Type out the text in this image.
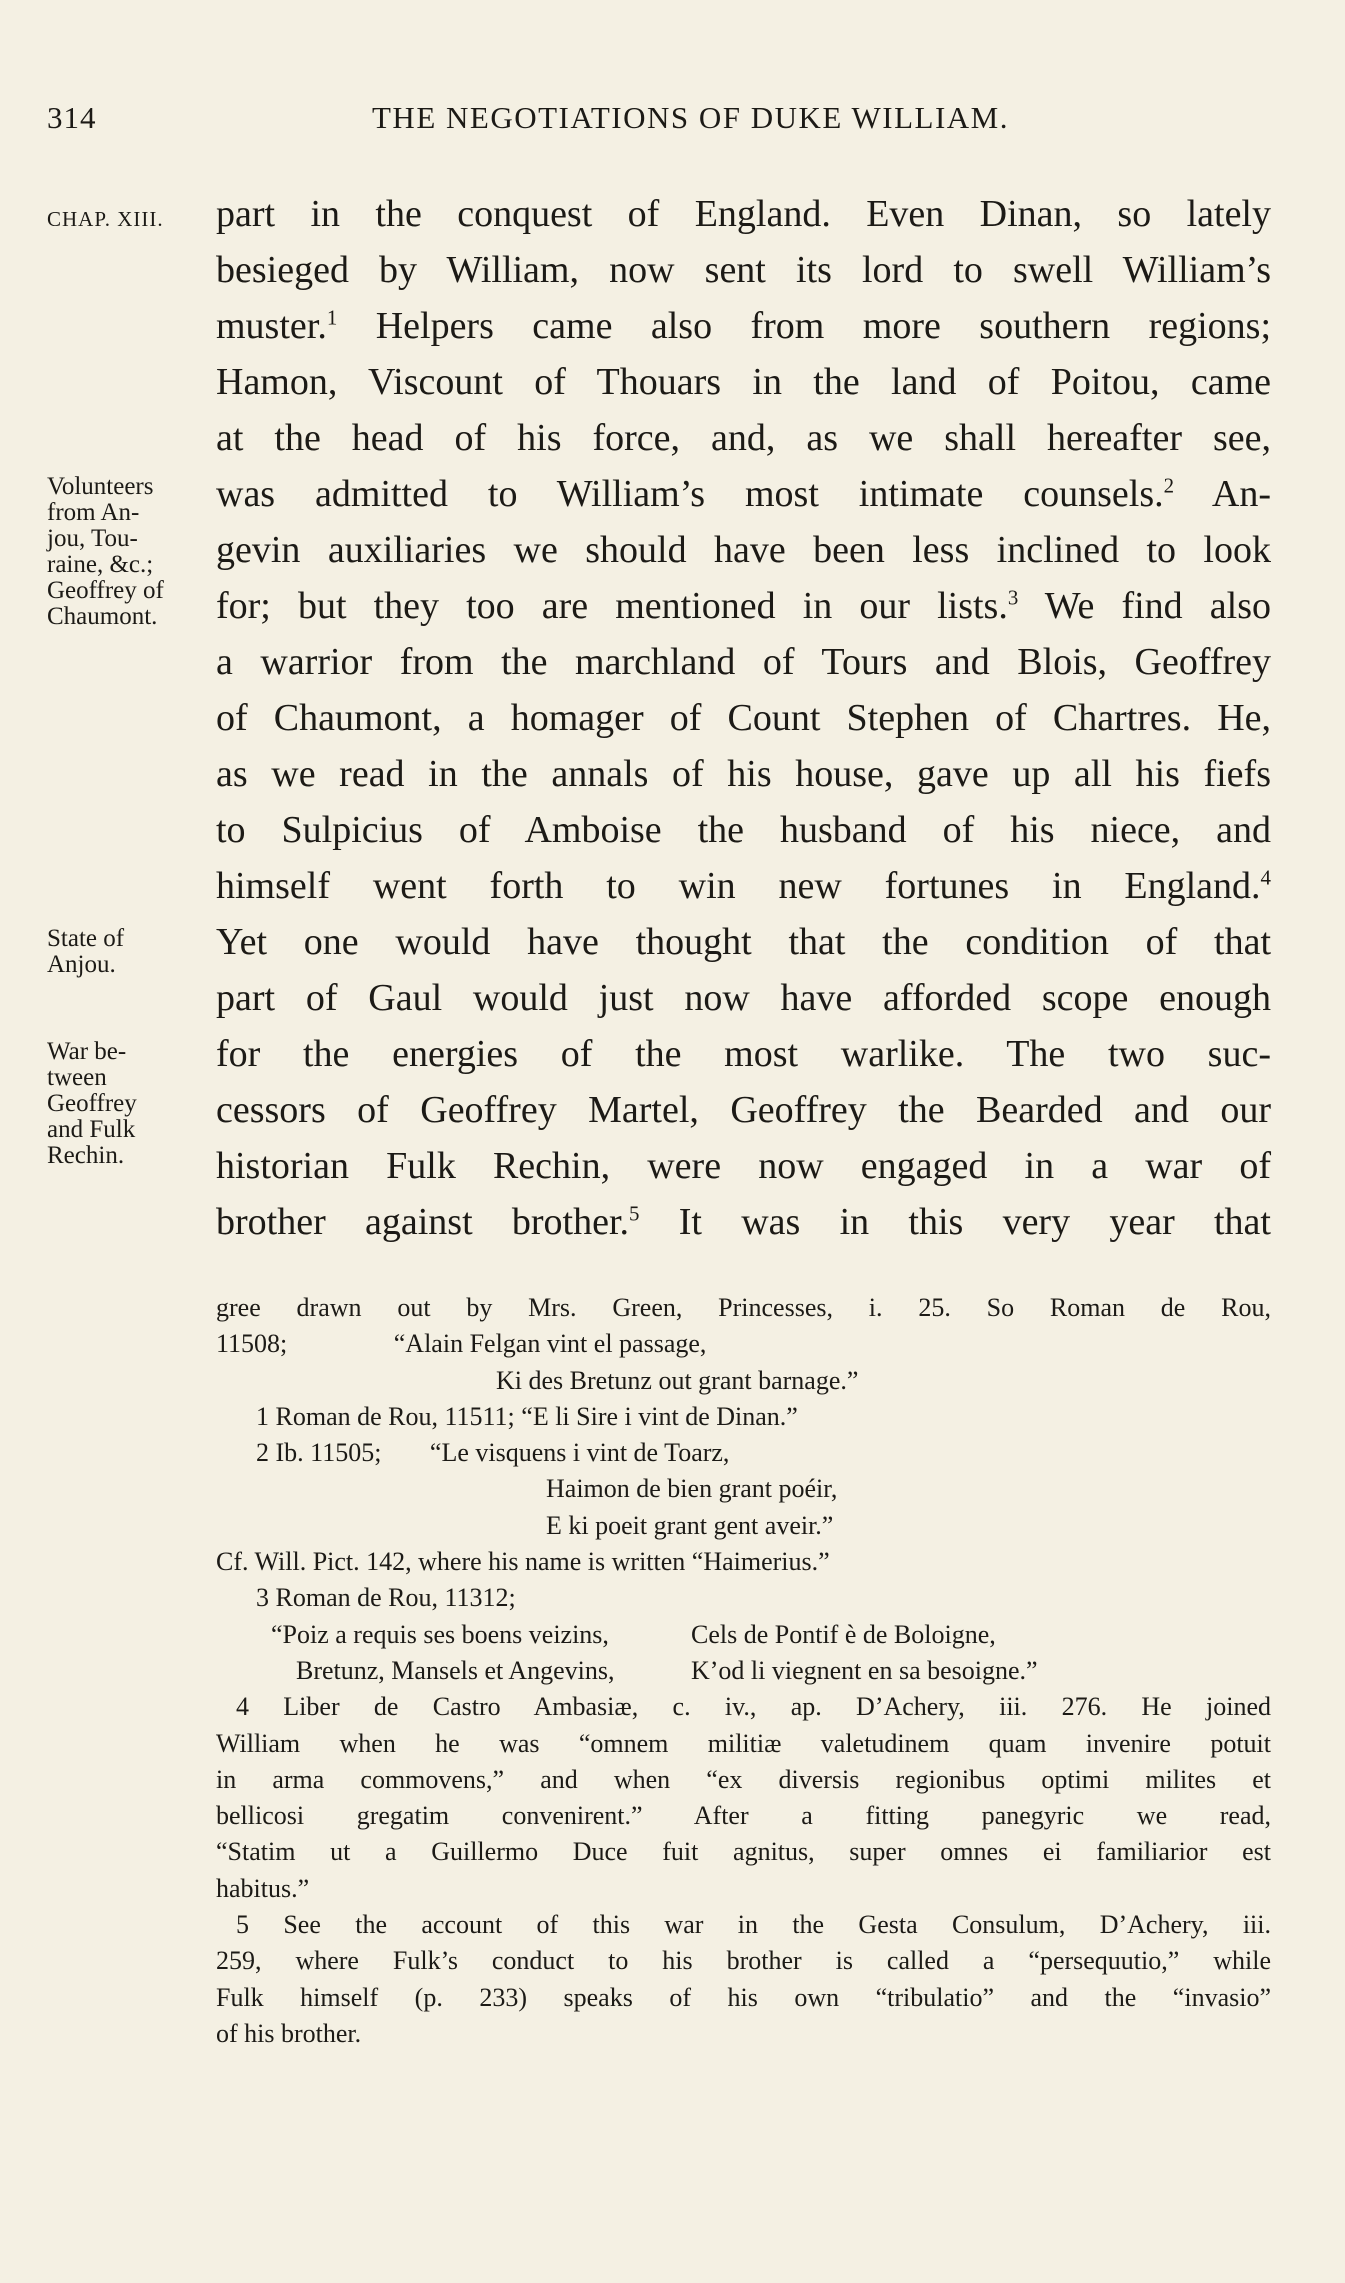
314	THE NEGOTIATIONS OF DUKE WILLIAM.
CHAP. XIII. part in the conquest of England. Even Dinan, so lately
besieged by William, now sent its lord to swell William’s
muster.$^1$ Helpers came also from more southern regions;
Hamon, Viscount of Thouars in the land of Poitou, came
at the head of his force, and, as we shall hereafter see,
was admitted to William’s most intimate counsels.$^2$ An-
gevin auxiliaries we should have been less inclined to look
for; but they too are mentioned in our lists.$^3$ We find also
a warrior from the marchland of Tours and Blois, Geoffrey
of Chaumont, a homager of Count Stephen of Chartres. He,
as we read in the annals of his house, gave up all his fiefs
to Sulpicius of Amboise the husband of his niece, and
himself went forth to win new fortunes in England.$^4$
Yet one would have thought that the condition of that
part of Gaul would just now have afforded scope enough
for the energies of the most warlike. The two suc-
cessors of Geoffrey Martel, Geoffrey the Bearded and our
historian Fulk Rechin, were now engaged in a war of
brother against brother.$^5$ It was in this very year that
Volunteers
from An-
jou, Tou-
raine, &c.;
Geoffrey of
Chaumont.
State of
Anjou.
War be-
tween
Geoffrey
and Fulk
Rechin.
gree drawn out by Mrs. Green, Princesses, i. 25. So Roman de Rou,
11508;	“Alain Felgan vint el passage,
Ki des Bretunz out grant barnage.”
1 Roman de Rou, 11511; “E li Sire i vint de Dinan.”
2 Ib. 11505; “Le visquens i vint de Toarz,
Haimon de bien grant poéir,
E ki poeit grant gent aveir.”
Cf. Will. Pict. 142, where his name is written “Haimerius.”
3 Roman de Rou, 11312;
“Poiz a requis ses boens veizins,	Cels de Pontif è de Boloigne,
Bretunz, Mansels et Angevins,	K’od li viegnent en sa besoigne.”
4 Liber de Castro Ambasiæ, c. iv., ap. D’Achery, iii. 276. He joined
William when he was “omnem militiæ valetudinem quam invenire potuit
in arma commovens,” and when “ex diversis regionibus optimi milites et
bellicosi gregatim convenirent.” After a fitting panegyric we read,
“Statim ut a Guillermo Duce fuit agnitus, super omnes ei familiarior est
habitus.”
5 See the account of this war in the Gesta Consulum, D’Achery, iii.
259, where Fulk’s conduct to his brother is called a “persequutio,” while
Fulk himself (p. 233) speaks of his own “tribulatio” and the “invasio”
of his brother.
